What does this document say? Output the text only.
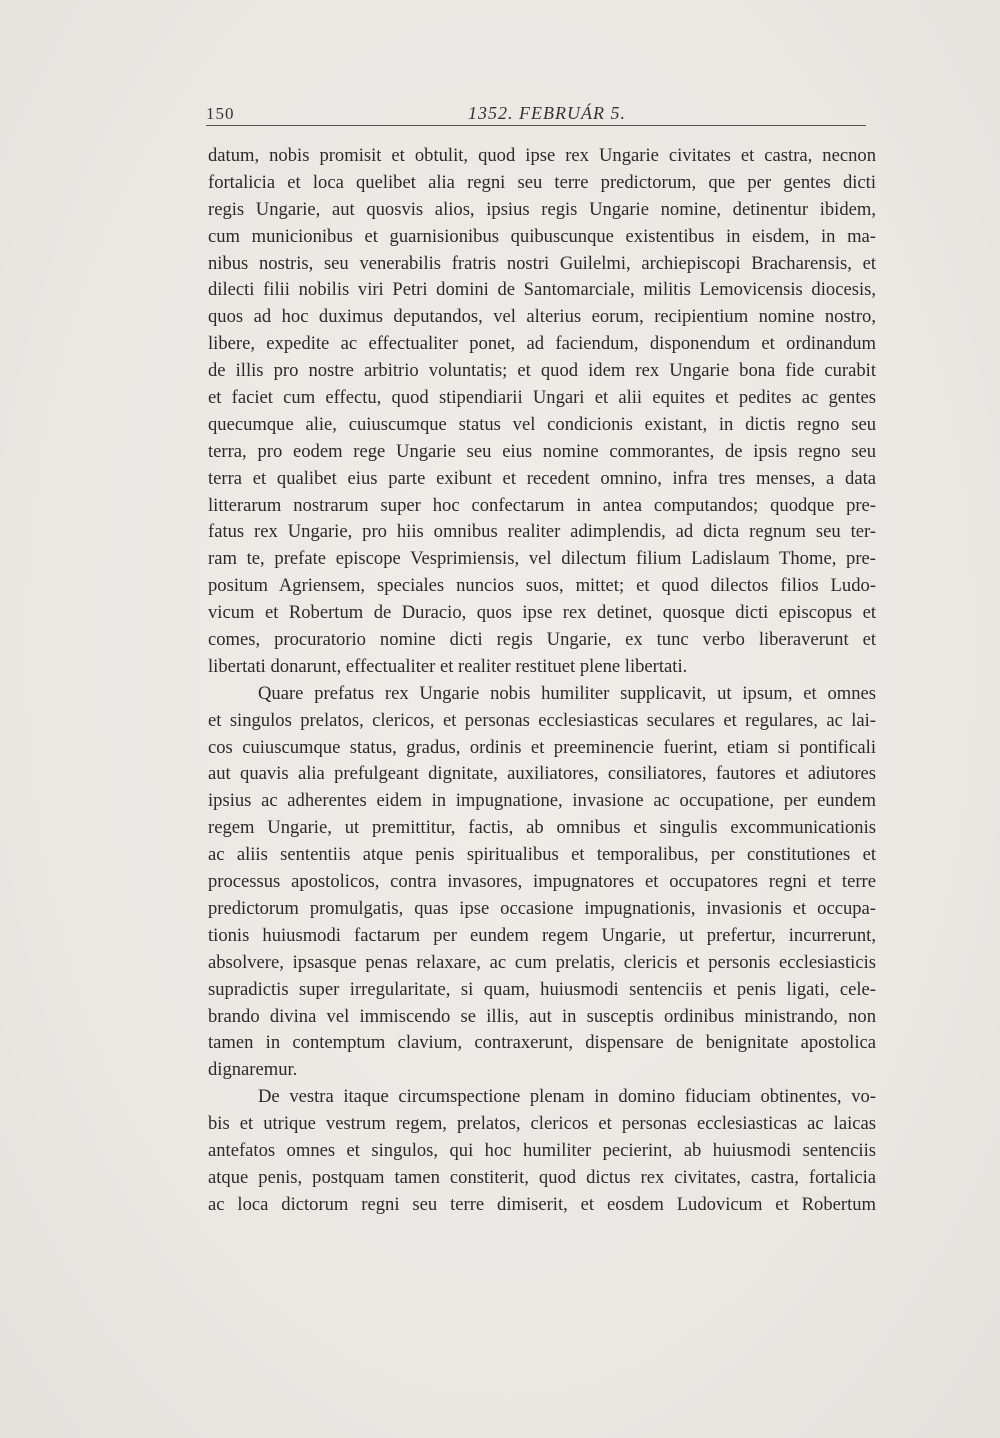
150	1352. FEBRUÁR 5.
datum, nobis promisit et obtulit, quod ipse rex Ungarie civitates et castra, necnon
fortalicia et loca quelibet alia regni seu terre predictorum, que per gentes dicti
regis Ungarie, aut quosvis alios, ipsius regis Ungarie nomine, detinentur ibidem,
cum municionibus et guarnisionibus quibuscunque existentibus in eisdem, in ma-
nibus nostris, seu venerabilis fratris nostri Guilelmi, archiepiscopi Bracharensis, et
dilecti filii nobilis viri Petri domini de Santomarciale, militis Lemovicensis diocesis,
quos ad hoc duximus deputandos, vel alterius eorum, recipientium nomine nostro,
libere, expedite ac effectualiter ponet, ad faciendum, disponendum et ordinandum
de illis pro nostre arbitrio voluntatis; et quod idem rex Ungarie bona fide curabit
et faciet cum effectu, quod stipendiarii Ungari et alii equites et pedites ac gentes
quecumque alie, cuiuscumque status vel condicionis existant, in dictis regno seu
terra, pro eodem rege Ungarie seu eius nomine commorantes, de ipsis regno seu
terra et qualibet eius parte exibunt et recedent omnino, infra tres menses, a data
litterarum nostrarum super hoc confectarum in antea computandos; quodque pre-
fatus rex Ungarie, pro hiis omnibus realiter adimplendis, ad dicta regnum seu ter-
ram te, prefate episcope Vesprimiensis, vel dilectum filium Ladislaum Thome, pre-
positum Agriensem, speciales nuncios suos, mittet; et quod dilectos filios Ludo-
vicum et Robertum de Duracio, quos ipse rex detinet, quosque dicti episcopus et
comes, procuratorio nomine dicti regis Ungarie, ex tunc verbo liberaverunt et
libertati donarunt, effectualiter et realiter restituet plene libertati.
Quare prefatus rex Ungarie nobis humiliter supplicavit, ut ipsum, et omnes
et singulos prelatos, clericos, et personas ecclesiasticas seculares et regulares, ac lai-
cos cuiuscumque status, gradus, ordinis et preeminencie fuerint, etiam si pontificali
aut quavis alia prefulgeant dignitate, auxiliatores, consiliatores, fautores et adiutores
ipsius ac adherentes eidem in impugnatione, invasione ac occupatione, per eundem
regem Ungarie, ut premittitur, factis, ab omnibus et singulis excommunicationis
ac aliis sententiis atque penis spiritualibus et temporalibus, per constitutiones et
processus apostolicos, contra invasores, impugnatores et occupatores regni et terre
predictorum promulgatis, quas ipse occasione impugnationis, invasionis et occupa-
tionis huiusmodi factarum per eundem regem Ungarie, ut prefertur, incurrerunt,
absolvere, ipsasque penas relaxare, ac cum prelatis, clericis et personis ecclesiasticis
supradictis super irregularitate, si quam, huiusmodi sentenciis et penis ligati, cele-
brando divina vel immiscendo se illis, aut in susceptis ordinibus ministrando, non
tamen in contemptum clavium, contraxerunt, dispensare de benignitate apostolica
dignaremur.
De vestra itaque circumspectione plenam in domino fiduciam obtinentes, vo-
bis et utrique vestrum regem, prelatos, clericos et personas ecclesiasticas ac laicas
antefatos omnes et singulos, qui hoc humiliter pecierint, ab huiusmodi sentenciis
atque penis, postquam tamen constiterit, quod dictus rex civitates, castra, fortalicia
ac loca dictorum regni seu terre dimiserit, et eosdem Ludovicum et Robertum
